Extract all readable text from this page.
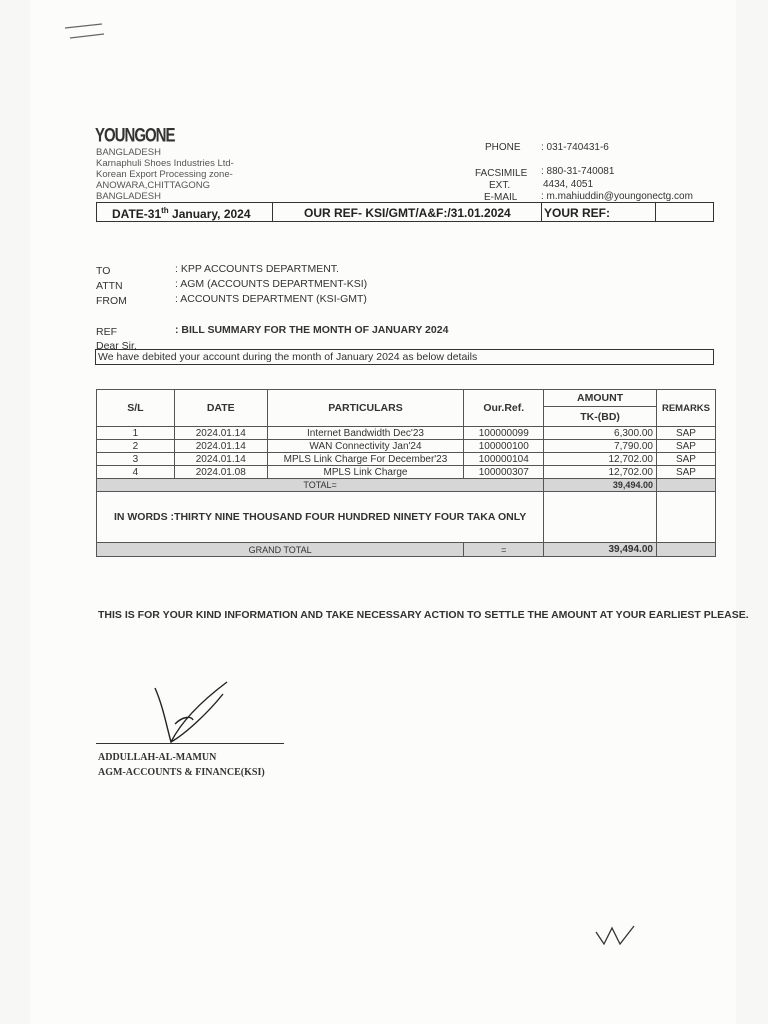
YOUNGONE
BANGLADESH
Karnaphuli Shoes Industries Ltd-
Korean Export Processing zone-
ANOWARA,CHITTAGONG
BANGLADESH
PHONE : 031-740431-6
FACSIMILE : 880-31-740081
EXT.	4434, 4051
E-MAIL : m.mahiuddin@youngonectg.com
DATE-31th January, 2024	OUR REF- KSI/GMT/A&F:/31.01.2024	YOUR REF:
TO	: KPP ACCOUNTS DEPARTMENT.
ATTN	: AGM (ACCOUNTS DEPARTMENT-KSI)
FROM	: ACCOUNTS DEPARTMENT (KSI-GMT)
REF	: BILL SUMMARY FOR THE MONTH OF JANUARY 2024
Dear Sir,
We have debited your account during the month of January 2024 as below details
S/L	DATE	PARTICULARS	Our.Ref.	AMOUNT	REMARKS
				TK-(BD)	
1	2024.01.14	Internet Bandwidth Dec'23	100000099	6,300.00	SAP
2	2024.01.14	WAN Connectivity Jan'24	100000100	7,790.00	SAP
3	2024.01.14	MPLS Link Charge For December'23	100000104	12,702.00	SAP
4	2024.01.08	MPLS Link Charge	100000307	12,702.00	SAP
TOTAL=				39,494.00	
IN WORDS :THIRTY NINE THOUSAND FOUR HUNDRED NINETY FOUR TAKA ONLY					
GRAND TOTAL			=	39,494.00	
THIS IS FOR YOUR KIND INFORMATION AND TAKE NECESSARY ACTION TO SETTLE THE AMOUNT AT YOUR EARLIEST PLEASE.
ADDULLAH-AL-MAMUN
AGM-ACCOUNTS & FINANCE(KSI)
